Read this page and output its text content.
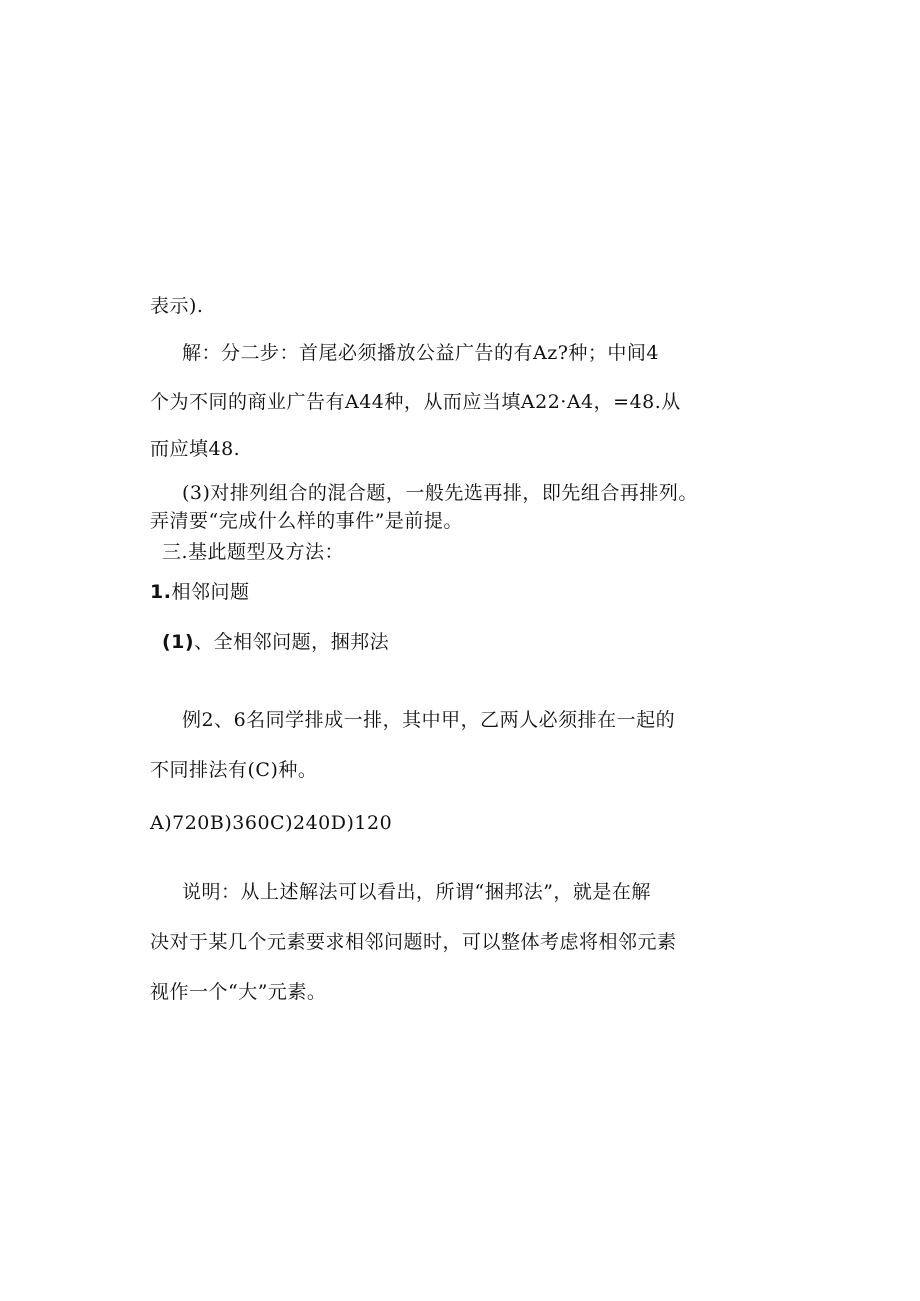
表示).
解：分二步：首尾必须播放公益广告的有Az?种；中间4
个为不同的商业广告有A44种，从而应当填A22·A4，=48.从
而应填48.
(3)对排列组合的混合题，一般先选再排，即先组合再排列。
弄清要“完成什么样的事件”是前提。
三.基此题型及方法：
1.相邻问题
(1)、全相邻问题，捆邦法
例2、6名同学排成一排，其中甲，乙两人必须排在一起的
不同排法有(C)种。
A)720B)360C)240D)120
说明：从上述解法可以看出，所谓“捆邦法”，就是在解
决对于某几个元素要求相邻问题时，可以整体考虑将相邻元素
视作一个“大”元素。
